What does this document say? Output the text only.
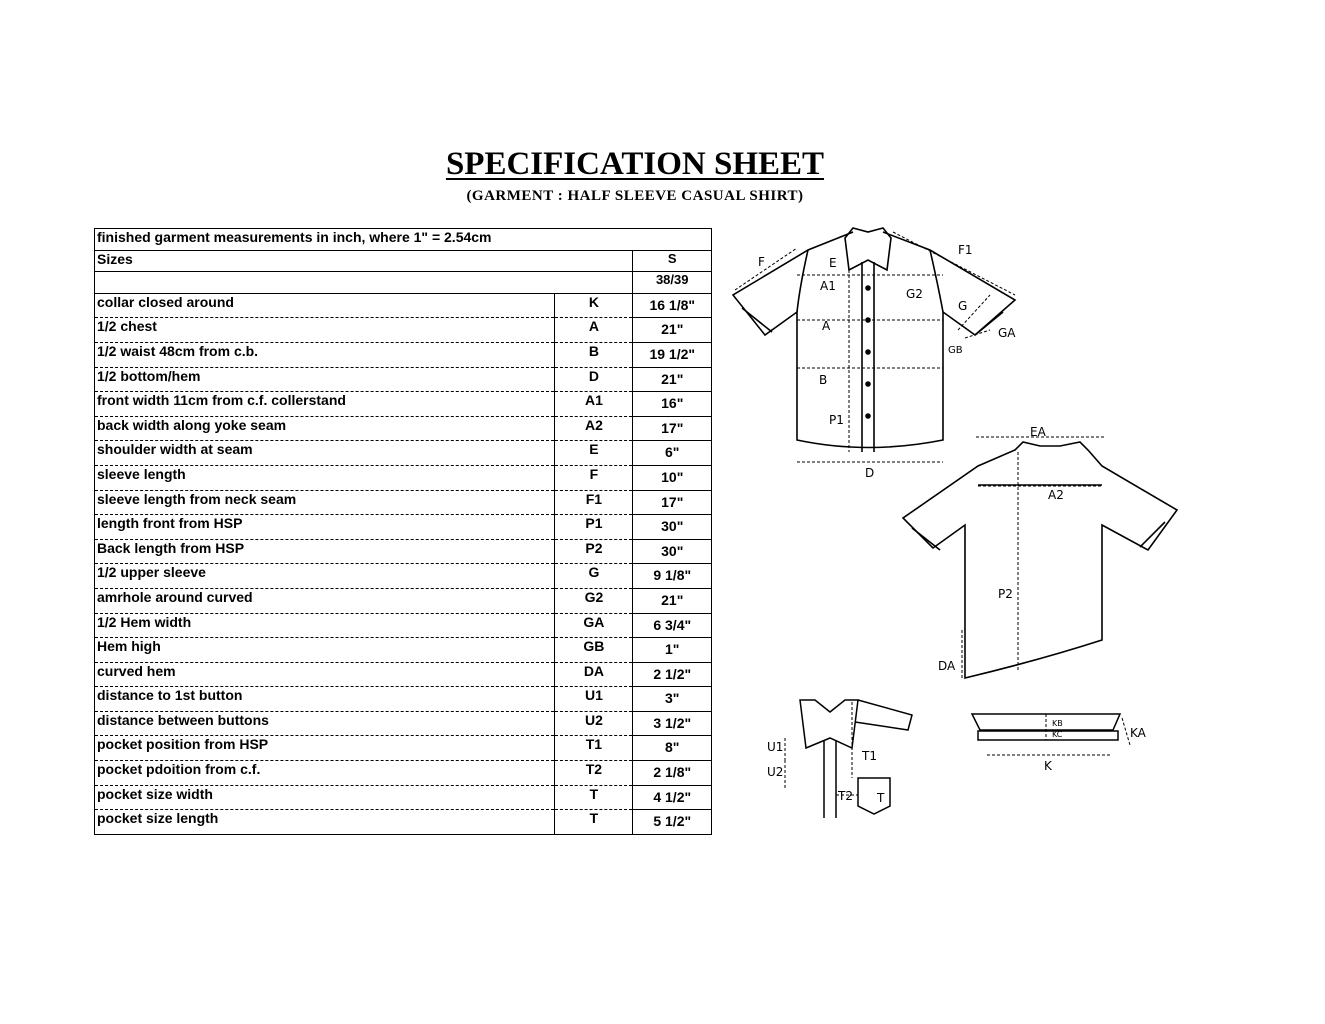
SPECIFICATION SHEET
(GARMENT : HALF SLEEVE CASUAL SHIRT)
finished garment measurements in inch, where 1" = 2.54cm		
Sizes		S
		38/39
collar closed around	K	16 1/8"
1/2 chest	A	21"
1/2 waist 48cm from c.b.	B	19 1/2"
1/2 bottom/hem	D	21"
front width 11cm from c.f. collerstand	A1	16"
back width along yoke seam	A2	17"
shoulder width at seam	E	6"
sleeve length	F	10"
sleeve length from neck seam	F1	17"
length front from HSP	P1	30"
Back length from HSP	P2	30"
1/2 upper sleeve	G	9 1/8"
amrhole around curved	G2	21"
1/2 Hem width	GA	6 3/4"
Hem high	GB	1"
curved hem	DA	2 1/2"
distance to 1st button	U1	3"
distance between buttons	U2	3 1/2"
pocket position from HSP	T1	8"
pocket pdoition from c.f.	T2	2 1/8"
pocket size width	T	4 1/2"
pocket size length	T	5 1/2"
F	E
F1
A1
G2
G
A	GA
GB
B
P1
D
EA
A2
P2
DA
U1
U2
T1
T2 T
KB
KC	KA
K
